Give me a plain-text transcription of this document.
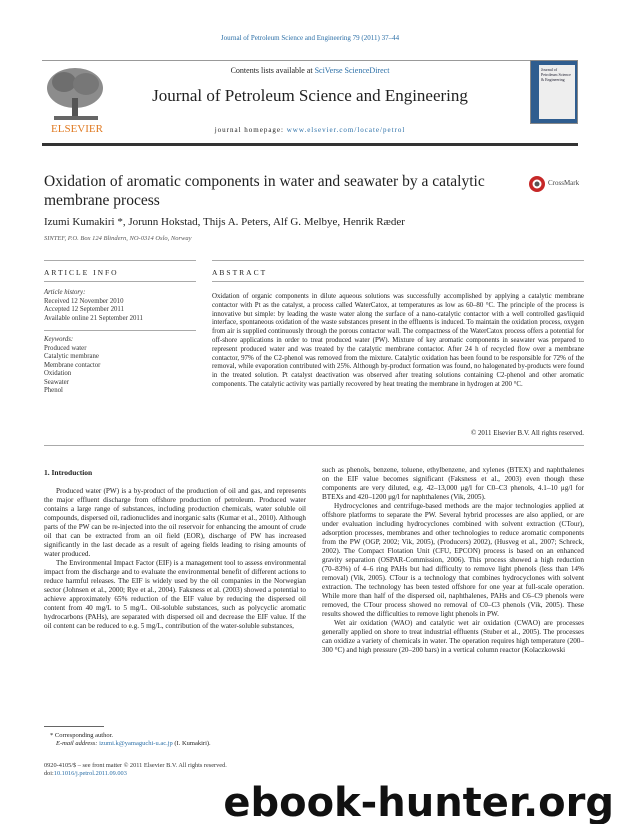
Journal of Petroleum Science and Engineering 79 (2011) 37–44
ELSEVIER
Contents lists available at SciVerse ScienceDirect
Journal of Petroleum Science and Engineering
journal homepage: www.elsevier.com/locate/petrol
Journal of Petroleum Science & Engineering
Oxidation of aromatic components in water and seawater by a catalytic membrane process
CrossMark
Izumi Kumakiri *, Jorunn Hokstad, Thijs A. Peters, Alf G. Melbye, Henrik Ræder
SINTEF, P.O. Box 124 Blindern, NO-0314 Oslo, Norway
ARTICLE INFO	ABSTRACT
Article history:
Received 12 November 2010
Accepted 12 September 2011
Available online 21 September 2011
Keywords:
Produced water
Catalytic membrane
Membrane contactor
Oxidation
Seawater
Phenol
Oxidation of organic components in dilute aqueous solutions was successfully accomplished by applying a catalytic membrane contactor with Pt as the catalyst, a process called WaterCatox, at temperatures as low as 60–80 °C. The principle of the process is innovative but simple: by leading the waste water along the surface of a nano-catalytic contactor with a well controlled gas/liquid interface, spontaneous oxidation of the waste substances present in the effluents is induced. To maintain the oxidation process, oxygen from air is supplied continuously through the porous contactor wall. The compactness of the WaterCatox process offers a potential for off-shore applications in order to treat produced water (PW). Mixture of key aromatic components in seawater was prepared to represent produced water and was treated by the catalytic membrane contactor. After 24 h of recycled flow over a membrane contactor, 97% of the C2-phenol was removed from the mixture. Catalytic oxidation has been found to be responsible for 72% of the removal, while evaporation contributed with 25%. Although by-product formation was found, no halogenated by-products were found in the treated solution. Pt catalyst deactivation was observed after treating solutions containing C2-phenol and other aromatic components. The catalytic activity was partially recovered by heat treating the membrane in hydrogen at 200 °C.
© 2011 Elsevier B.V. All rights reserved.
1. Introduction

Produced water (PW) is a by-product of the production of oil and gas, and represents the major effluent discharge from offshore production of petroleum. Produced water contains a large range of substances, including production chemicals, water soluble oil compounds, dispersed oil, radionuclides and inorganic salts (Kumar et al., 2010). Although parts of the PW can be re-injected into the oil reservoir for enhancing the amount of crude oil that can be extracted from an oil field (EOR), discharge of PW has increased significantly in the last decade as a result of ageing fields leading to rising amounts of water produced.

The Environmental Impact Factor (EIF) is a management tool to assess environmental impact from the discharge and to evaluate the environmental benefit of different actions to reduce harmful releases. The EIF is widely used by the oil companies in the Norwegian sector (Johnsen et al., 2000; Rye et al., 2004). Faksness et al. (2003) showed a potential to achieve approximately 65% reduction of the EIF value by reducing the dispersed oil content from 40 mg/L to 5 mg/L. Oil-soluble substances, such as polycyclic aromatic hydrocarbons (PAHs), are separated with dispersed oil and decrease the EIF value. If the oil content can be reduced to e.g. 5 mg/L, contribution of the water-soluble substances,

such as phenols, benzene, toluene, ethylbenzene, and xylenes (BTEX) and naphthalenes on the EIF value becomes significant (Faksness et al., 2003) even though these components are very diluted, e.g. 42–13,000 μg/l for C0–C3 phenols, 4.1–10 μg/l for BTEXs and 420–1200 μg/l for naphthalenes (Vik, 2005).

Hydrocyclones and centrifuge-based methods are the major technologies applied at offshore platforms to separate the PW. Several hybrid processes are also applied, or are under evaluation including hydrocyclones combined with solvent extraction (CTour), adsorption processes, membranes and other technologies to reduce aromatic components from the PW (OGP, 2002; Vik, 2005), (Producers) 2002), (Husveg et al., 2007; Schreck, 2002). The Compact Flotation Unit (CFU, EPCON) process is based on an enhanced gravity separation (OSPAR-Commission, 2006). This process showed a high reduction (70–83%) of 4–6 ring PAHs but had difficulty to remove light phenols (less than 14% removal) (Vik, 2005). CTour is a technology that combines hydrocyclones with solvent extraction. The technology has been tested offshore for one year at full-scale operation. While more than half of the dispersed oil, naphthalenes, PAHs and C6–C9 phenols were removed, the CTour process showed no removal of C0–C3 phenols (Vik, 2005). These results showed the difficulties to remove light phenols in PW.

Wet air oxidation (WAO) and catalytic wet air oxidation (CWAO) are processes generally applied on shore to treat industrial effluents (Stuber et al., 2005). The processes can oxidize a variety of chemicals in water. The operation requires high temperature (200–300 °C) and high pressure (20–200 bars) in a vertical column reactor (Kolaczkowski

* Corresponding author.
E-mail address: izumi.k@yamaguchi-u.ac.jp (I. Kumakiri).
0920-4105/$ – see front matter © 2011 Elsevier B.V. All rights reserved.
doi:10.1016/j.petrol.2011.09.003
ebook-hunter.org
